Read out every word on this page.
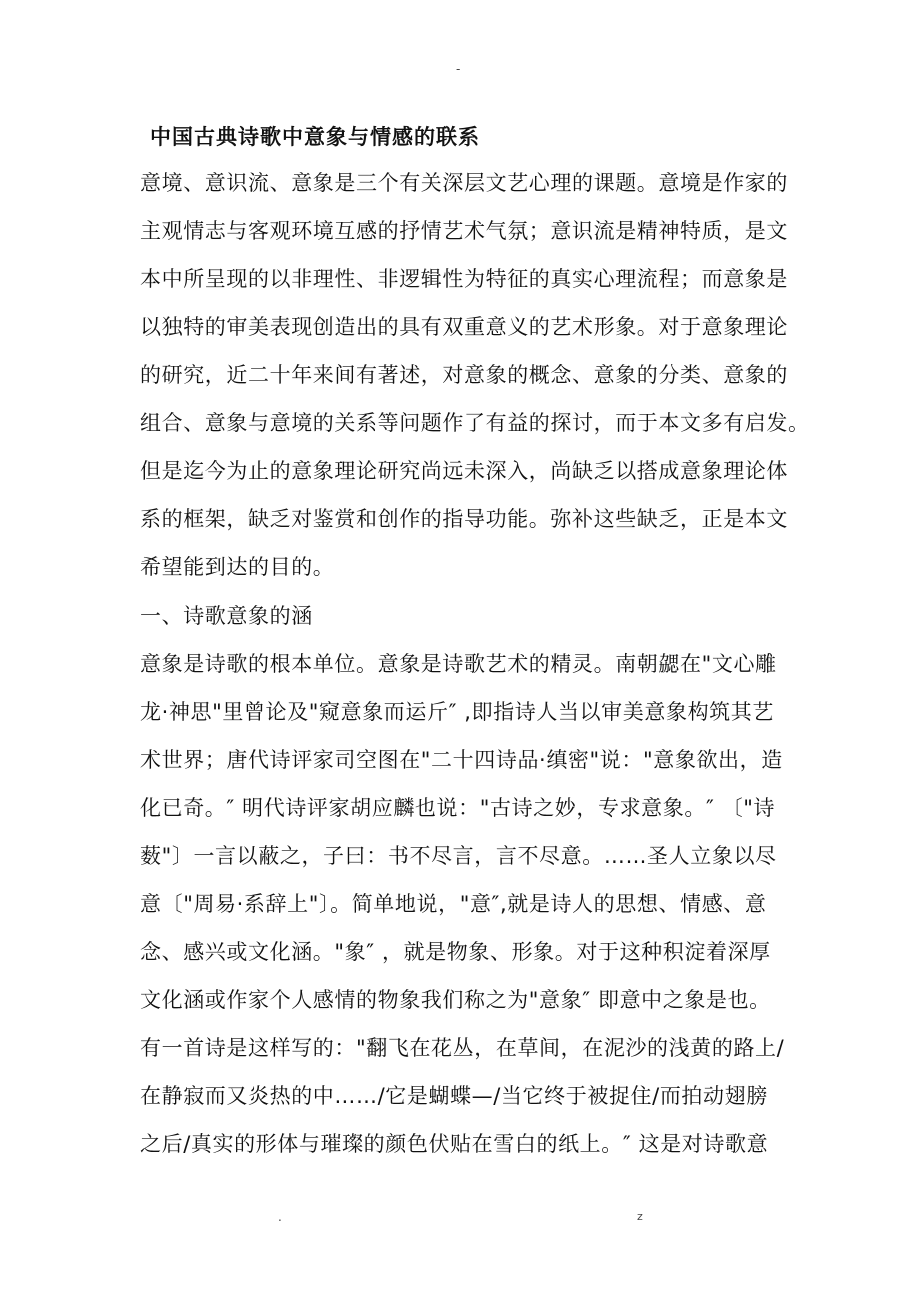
-
中国古典诗歌中意象与情感的联系

意境、意识流、意象是三个有关深层文艺心理的课题。意境是作家的

主观情志与客观环境互感的抒情艺术气氛；意识流是精神特质，是文

本中所呈现的以非理性、非逻辑性为特征的真实心理流程；而意象是

以独特的审美表现创造出的具有双重意义的艺术形象。对于意象理论

的研究，近二十年来间有著述，对意象的概念、意象的分类、意象的

组合、意象与意境的关系等问题作了有益的探讨，而于本文多有启发。

但是迄今为止的意象理论研究尚远未深入，尚缺乏以搭成意象理论体

系的框架，缺乏对鉴赏和创作的指导功能。弥补这些缺乏，正是本文

希望能到达的目的。

一、诗歌意象的涵

意象是诗歌的根本单位。意象是诗歌艺术的精灵。南朝勰在"文心雕

龙·神思"里曾论及"窥意象而运斤″ ,即指诗人当以审美意象构筑其艺

术世界；唐代诗评家司空图在"二十四诗品·缜密"说："意象欲出，造

化已奇。″ 明代诗评家胡应麟也说："古诗之妙，专求意象。″ 〔"诗

薮"〕一言以蔽之，子曰：书不尽言，言不尽意。……圣人立象以尽

意〔"周易·系辞上"〕。简单地说，"意″,就是诗人的思想、情感、意

念、感兴或文化涵。"象″ ，就是物象、形象。对于这种积淀着深厚

文化涵或作家个人感情的物象我们称之为"意象″ 即意中之象是也。

有一首诗是这样写的："翻飞在花丛，在草间，在泥沙的浅黄的路上/

在静寂而又炎热的中……/它是蝴蝶—/当它终于被捉住/而拍动翅膀

之后/真实的形体与璀璨的颜色伏贴在雪白的纸上。″ 这是对诗歌意

.	z
